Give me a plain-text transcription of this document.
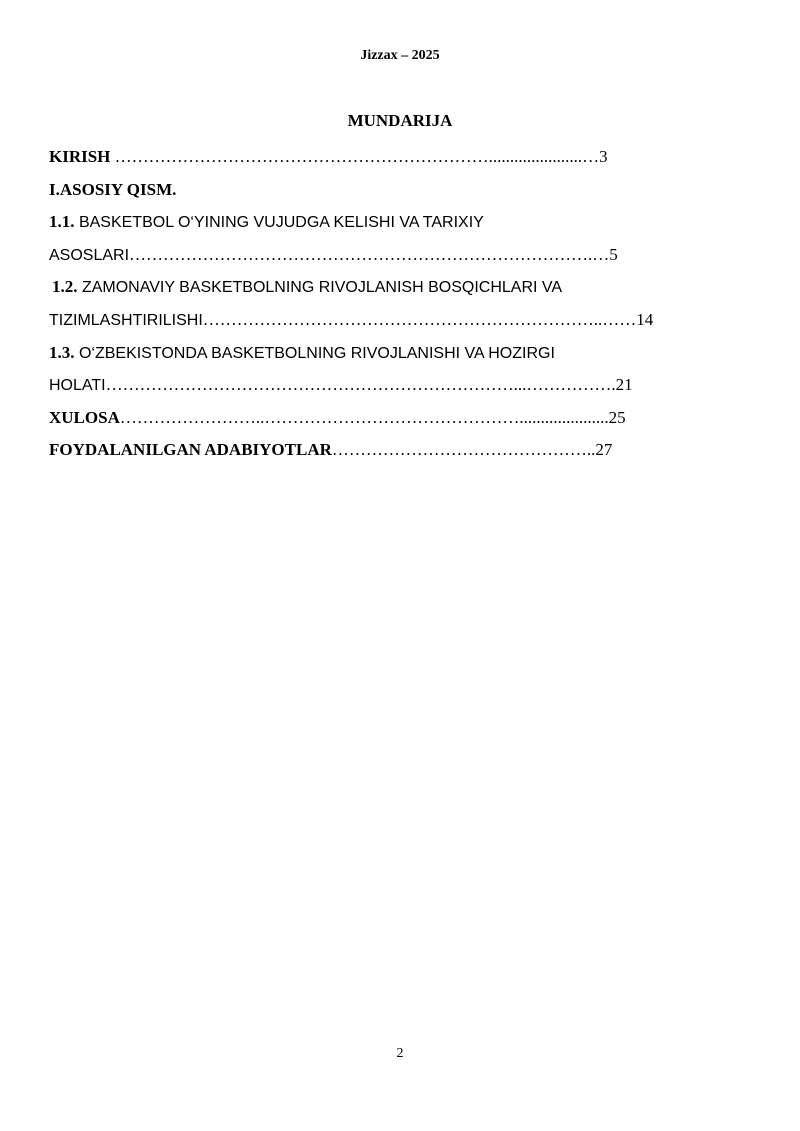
Jizzax – 2025
MUNDARIJA
KIRISH …………………………………………………………......................…3
I.ASOSIY QISM.
1.1. BASKETBOL O‘YINING VUJUDGA KELISHI VA TARIXIY
ASOSLARI……………………………………………………………………….…5
1.2. ZAMONAVIY BASKETBOLNING RIVOJLANISH BOSQICHLARI VA
TIZIMLASHTIRILISHI……………………………………………………………..……14
1.3. O‘ZBEKISTONDA BASKETBOLNING RIVOJLANISHI VA HOZIRGI
HOLATI………………………………………………………………...…………….21
XULOSA……………………..……………………………………….....................25
FOYDALANILGAN ADABIYOTLAR………………………………………..27
2
